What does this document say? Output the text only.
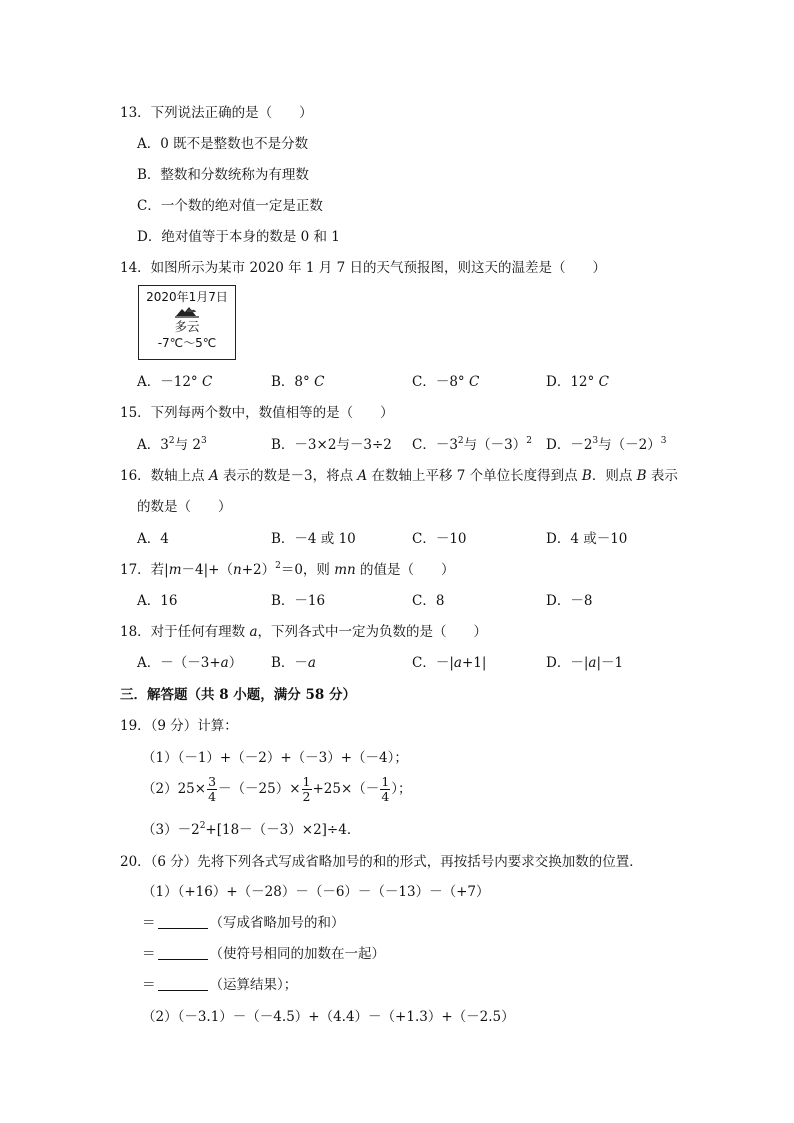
13．下列说法正确的是（　　）
A．0 既不是整数也不是分数
B．整数和分数统称为有理数
C．一个数的绝对值一定是正数
D．绝对值等于本身的数是 0 和 1
14．如图所示为某市 2020 年 1 月 7 日的天气预报图，则这天的温差是（　　）
2020年1月7日
多云
-7℃～5℃
A．－12° C	B．8° C	C．－8° C	D．12° C
15．下列每两个数中，数值相等的是（　　）
A．$3^2$与 $2^3$	B．－3×2与－3÷2 C．$-3^2$与$(-3)^2$ D．$-2^3$与$(-2)^3$
16．数轴上点 A 表示的数是－3，将点 A 在数轴上平移 7 个单位长度得到点 B．则点 B 表示
的数是（　　）
A．4	B．－4 或 10	C．－10	D．4 或－10
17．若$|m-4|+(n+2)^2=0$，则 mn 的值是（　　）
A．16	B．－16	C．8	D．－8
18．对于任何有理数 a，下列各式中一定为负数的是（　　）
A．－（－3+a） B．－a	C．－|a+1|	D．－|a|－1
三．解答题（共 8 小题，满分 58 分）
19．（9 分）计算：
（1）（－1）+（－2）+（－3）+（－4）；
$(2)25\times \frac{3}{4} -(-25)\times \frac{1}{2} +25\times(- \frac{1}{4}$ ）；
$(3)-2^2+[18-(-3)\times 2]\div 4$．
20．（6 分）先将下列各式写成省略加号的和的形式，再按括号内要求交换加数的位置．
（1）（+16）+（－28）－（－6）－（－13）－（+7）
＝	（写成省略加号的和）
＝	（使符号相同的加数在一起）
＝	（运算结果）；
（2）（－3.1）－（－4.5）+（4.4）－（+1.3）+（－2.5）
